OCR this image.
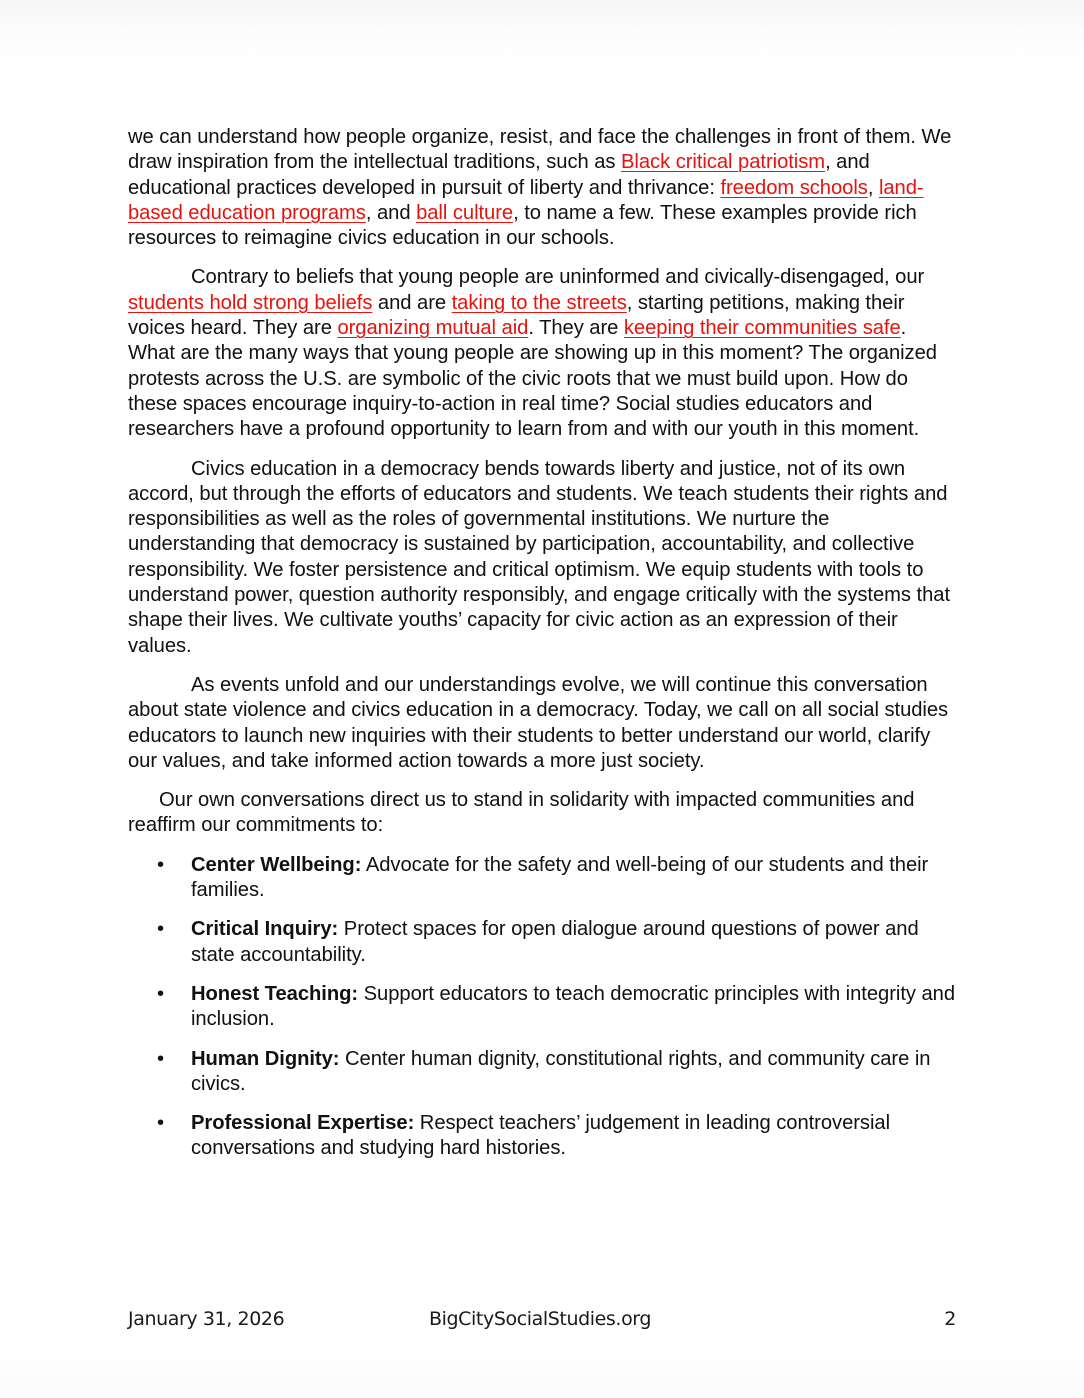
we can understand how people organize, resist, and face the challenges in front of them. We draw inspiration from the intellectual traditions, such as Black critical patriotism, and educational practices developed in pursuit of liberty and thrivance: freedom schools, land-based education programs, and ball culture, to name a few. These examples provide rich resources to reimagine civics education in our schools.

Contrary to beliefs that young people are uninformed and civically-disengaged, our students hold strong beliefs and are taking to the streets, starting petitions, making their voices heard. They are organizing mutual aid. They are keeping their communities safe. What are the many ways that young people are showing up in this moment? The organized protests across the U.S. are symbolic of the civic roots that we must build upon. How do these spaces encourage inquiry-to-action in real time? Social studies educators and researchers have a profound opportunity to learn from and with our youth in this moment.

Civics education in a democracy bends towards liberty and justice, not of its own accord, but through the efforts of educators and students. We teach students their rights and responsibilities as well as the roles of governmental institutions. We nurture the understanding that democracy is sustained by participation, accountability, and collective responsibility. We foster persistence and critical optimism. We equip students with tools to understand power, question authority responsibly, and engage critically with the systems that shape their lives. We cultivate youths’ capacity for civic action as an expression of their values.

As events unfold and our understandings evolve, we will continue this conversation about state violence and civics education in a democracy. Today, we call on all social studies educators to launch new inquiries with their students to better understand our world, clarify our values, and take informed action towards a more just society.

Our own conversations direct us to stand in solidarity with impacted communities and reaffirm our commitments to:

• Center Wellbeing: Advocate for the safety and well-being of our students and their families.
• Critical Inquiry: Protect spaces for open dialogue around questions of power and state accountability.
• Honest Teaching: Support educators to teach democratic principles with integrity and inclusion.
• Human Dignity: Center human dignity, constitutional rights, and community care in civics.
• Professional Expertise: Respect teachers’ judgement in leading controversial conversations and studying hard histories.
January 31, 2026	BigCitySocialStudies.org	2
